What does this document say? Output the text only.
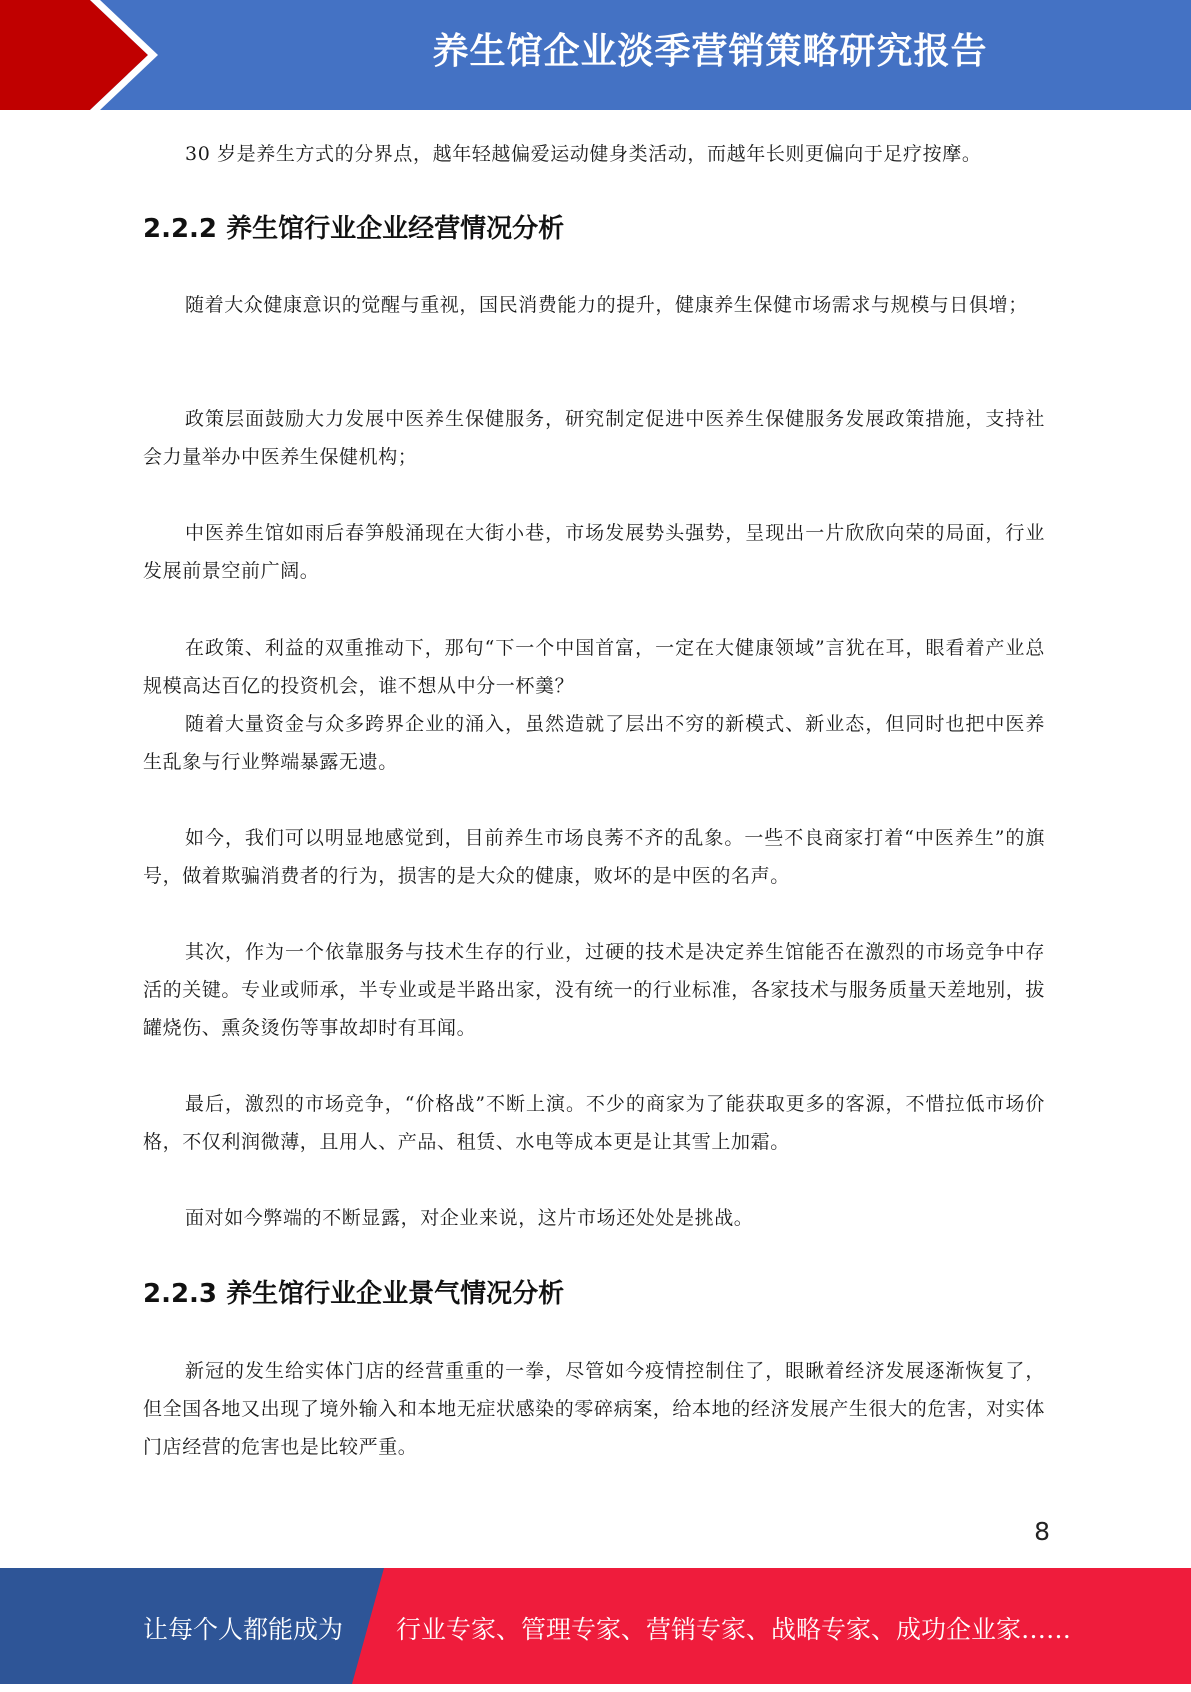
养生馆企业淡季营销策略研究报告

30 岁是养生方式的分界点，越年轻越偏爱运动健身类活动，而越年长则更偏向于足疗按摩。

2.2.2 养生馆行业企业经营情况分析

随着大众健康意识的觉醒与重视，国民消费能力的提升，健康养生保健市场需求与规模与日俱增；

政策层面鼓励大力发展中医养生保健服务，研究制定促进中医养生保健服务发展政策措施，支持社会力量举办中医养生保健机构；

中医养生馆如雨后春笋般涌现在大街小巷，市场发展势头强势，呈现出一片欣欣向荣的局面，行业发展前景空前广阔。

在政策、利益的双重推动下，那句“下一个中国首富，一定在大健康领域”言犹在耳，眼看着产业总规模高达百亿的投资机会，谁不想从中分一杯羹？

随着大量资金与众多跨界企业的涌入，虽然造就了层出不穷的新模式、新业态，但同时也把中医养生乱象与行业弊端暴露无遗。

如今，我们可以明显地感觉到，目前养生市场良莠不齐的乱象。一些不良商家打着“中医养生”的旗号，做着欺骗消费者的行为，损害的是大众的健康，败坏的是中医的名声。

其次，作为一个依靠服务与技术生存的行业，过硬的技术是决定养生馆能否在激烈的市场竞争中存活的关键。专业或师承，半专业或是半路出家，没有统一的行业标准，各家技术与服务质量天差地别，拔罐烧伤、熏灸烫伤等事故却时有耳闻。

最后，激烈的市场竞争，“价格战”不断上演。不少的商家为了能获取更多的客源，不惜拉低市场价格，不仅利润微薄，且用人、产品、租赁、水电等成本更是让其雪上加霜。

面对如今弊端的不断显露，对企业来说，这片市场还处处是挑战。

2.2.3 养生馆行业企业景气情况分析

新冠的发生给实体门店的经营重重的一拳，尽管如今疫情控制住了，眼瞅着经济发展逐渐恢复了，但全国各地又出现了境外输入和本地无症状感染的零碎病案，给本地的经济发展产生很大的危害，对实体门店经营的危害也是比较严重。

8
让每个人都能成为 行业专家、管理专家、营销专家、战略专家、成功企业家……
